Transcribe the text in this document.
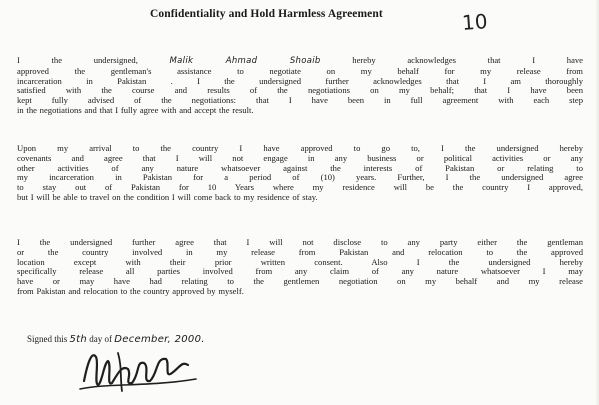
Confidentiality and Hold Harmless Agreement	10
I the undersigned, Malik Ahmad Shoaib hereby acknowledges that I have
approved the gentleman's assistance to negotiate on my behalf for my release from
incarceration in Pakistan . I the undersigned further acknowledges that I am thoroughly
satisfied with the course and results of the negotiations on my behalf; that I have been
kept fully advised of the negotiations: that I have been in full agreement with each step
in the negotiations and that I fully agree with and accept the result.
Upon my arrival to the country I have approved to go to, I the undersigned hereby
covenants and agree that I will not engage in any business or political activities or any
other activities of any nature whatsoever against the interests of Pakistan or relating to
my incarceration in Pakistan for a period of (10) years. Further, I the undersigned agree
to stay out of Pakistan for 10 Years where my residence will be the country I approved,
but I will be able to travel on the condition I will come back to my residence of stay.
I the undersigned further agree that I will not disclose to any party either the gentleman
or the country involved in my release from Pakistan and relocation to the approved
location except with their prior written consent. Also I the undersigned hereby
specifically release all parties involved from any claim of any nature whatsoever I may
have or may have had relating to the gentlemen negotiation on my behalf and my release
from Pakistan and relocation to the country approved by myself.
Signed this 5th day of December, 2000.
